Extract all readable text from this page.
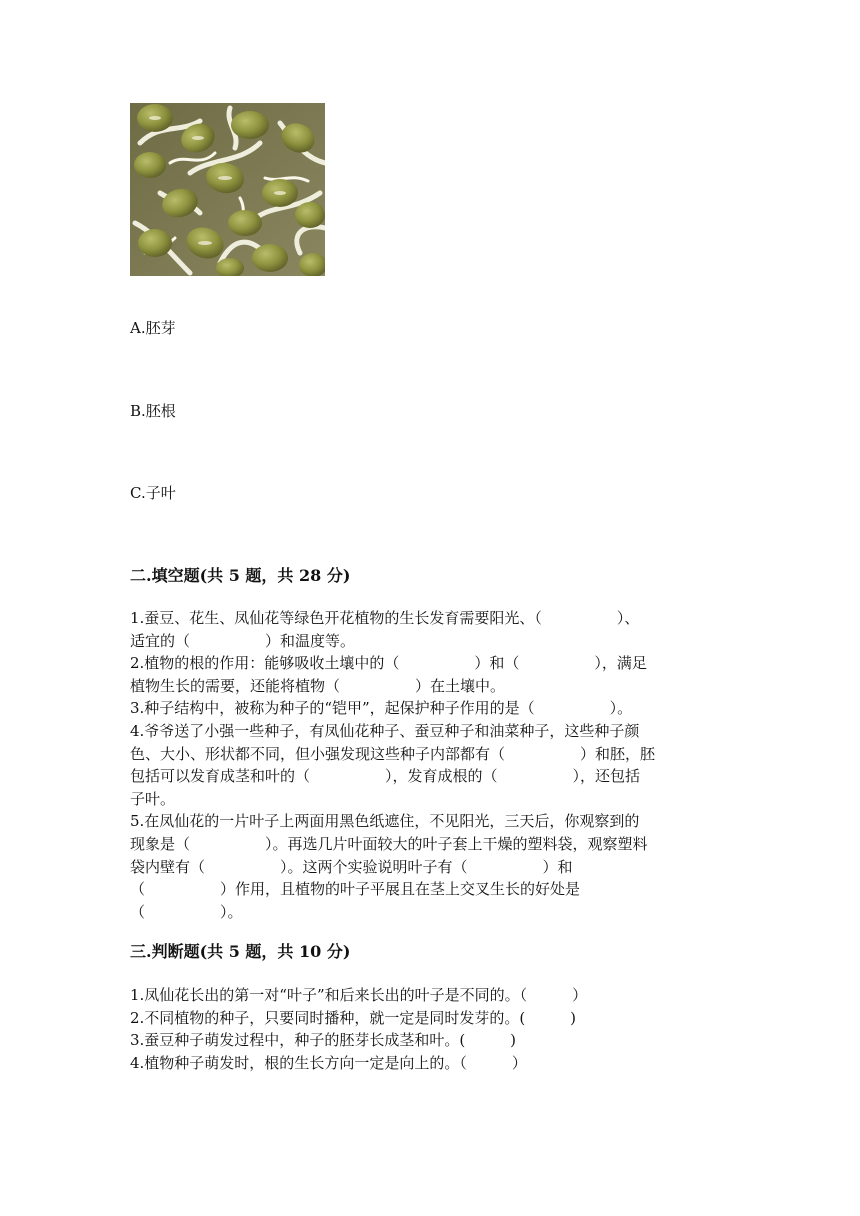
A.胚芽
B.胚根
C.子叶
二.填空题(共 5 题，共 28 分)
1.蚕豆、花生、凤仙花等绿色开花植物的生长发育需要阳光、（　　　　　）、
适宜的（　　　　　）和温度等。
2.植物的根的作用：能够吸收土壤中的（　　　　　）和（　　　　　），满足
植物生长的需要，还能将植物（　　　　　）在土壤中。
3.种子结构中，被称为种子的“铠甲”，起保护种子作用的是（　　　　　）。
4.爷爷送了小强一些种子，有凤仙花种子、蚕豆种子和油菜种子，这些种子颜
色、大小、形状都不同，但小强发现这些种子内部都有（　　　　　）和胚，胚
包括可以发育成茎和叶的（　　　　　），发育成根的（　　　　　），还包括
子叶。
5.在凤仙花的一片叶子上两面用黑色纸遮住，不见阳光，三天后，你观察到的
现象是（　　　　　）。再选几片叶面较大的叶子套上干燥的塑料袋，观察塑料
袋内壁有（　　　　　）。这两个实验说明叶子有（　　　　　）和
（　　　　　）作用，且植物的叶子平展且在茎上交叉生长的好处是
（　　　　　）。
三.判断题(共 5 题，共 10 分)
1.凤仙花长出的第一对“叶子”和后来长出的叶子是不同的。（　　　）
2.不同植物的种子，只要同时播种，就一定是同时发芽的。(　　　)
3.蚕豆种子萌发过程中，种子的胚芽长成茎和叶。(　　　)
4.植物种子萌发时，根的生长方向一定是向上的。（　　　）
